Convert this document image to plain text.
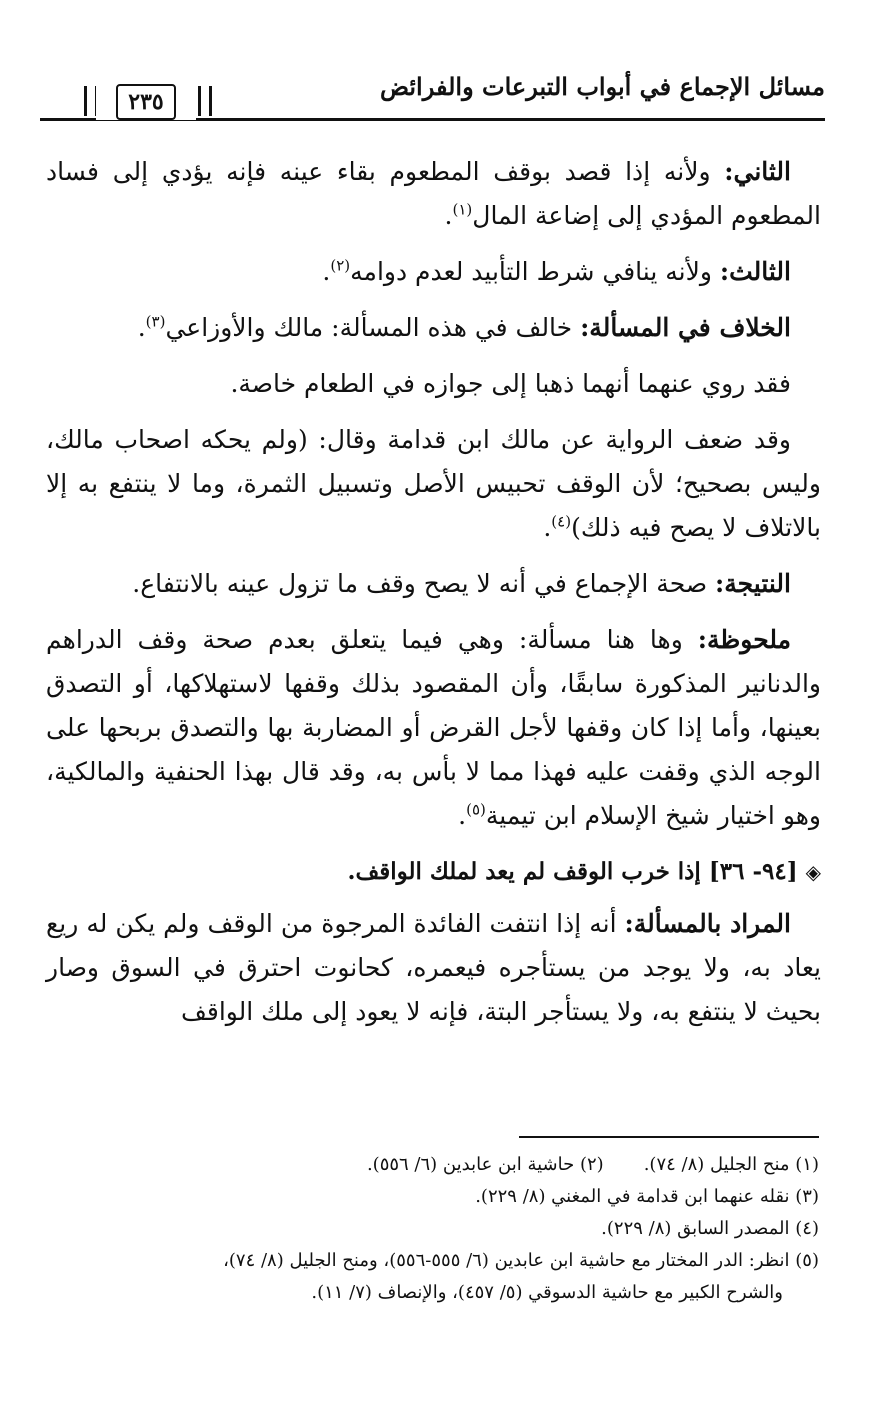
٢٣٥
مسائل الإجماع في أبواب التبرعات والفرائض

الثاني: ولأنه إذا قصد بوقف المطعوم بقاء عينه فإنه يؤدي إلى فساد المطعوم المؤدي إلى إضاعة المال$^{(١)}$.

الثالث: ولأنه ينافي شرط التأبيد لعدم دوامه$^{(٢)}$.

الخلاف في المسألة: خالف في هذه المسألة: مالك والأوزاعي$^{(٣)}$.

فقد روي عنهما أنهما ذهبا إلى جوازه في الطعام خاصة.

وقد ضعف الرواية عن مالك ابن قدامة وقال: (ولم يحكه اصحاب مالك، وليس بصحيح؛ لأن الوقف تحبيس الأصل وتسبيل الثمرة، وما لا ينتفع به إلا بالاتلاف لا يصح فيه ذلك)$^{(٤)}$.

النتيجة: صحة الإجماع في أنه لا يصح وقف ما تزول عينه بالانتفاع.

ملحوظة: وها هنا مسألة: وهي فيما يتعلق بعدم صحة وقف الدراهم والدنانير المذكورة سابقًا، وأن المقصود بذلك وقفها لاستهلاكها، أو التصدق بعينها، وأما إذا كان وقفها لأجل القرض أو المضاربة بها والتصدق بربحها على الوجه الذي وقفت عليه فهذا مما لا بأس به، وقد قال بهذا الحنفية والمالكية، وهو اختيار شيخ الإسلام ابن تيمية$^{(٥)}$.

◈[٩٤- ٣٦] إذا خرب الوقف لم يعد لملك الواقف.

المراد بالمسألة: أنه إذا انتفت الفائدة المرجوة من الوقف ولم يكن له ريع يعاد به، ولا يوجد من يستأجره فيعمره، كحانوت احترق في السوق وصار بحيث لا ينتفع به، ولا يستأجر البتة، فإنه لا يعود إلى ملك الواقف

(١) منح الجليل (٨/ ٧٤).
(٢) حاشية ابن عابدين (٦/ ٥٥٦).
(٣) نقله عنهما ابن قدامة في المغني (٨/ ٢٢٩).
(٤) المصدر السابق (٨/ ٢٢٩).
(٥) انظر: الدر المختار مع حاشية ابن عابدين (٦/ ٥٥٥-٥٥٦)، ومنح الجليل (٨/ ٧٤)،
والشرح الكبير مع حاشية الدسوقي (٥/ ٤٥٧)، والإنصاف (٧/ ١١).
